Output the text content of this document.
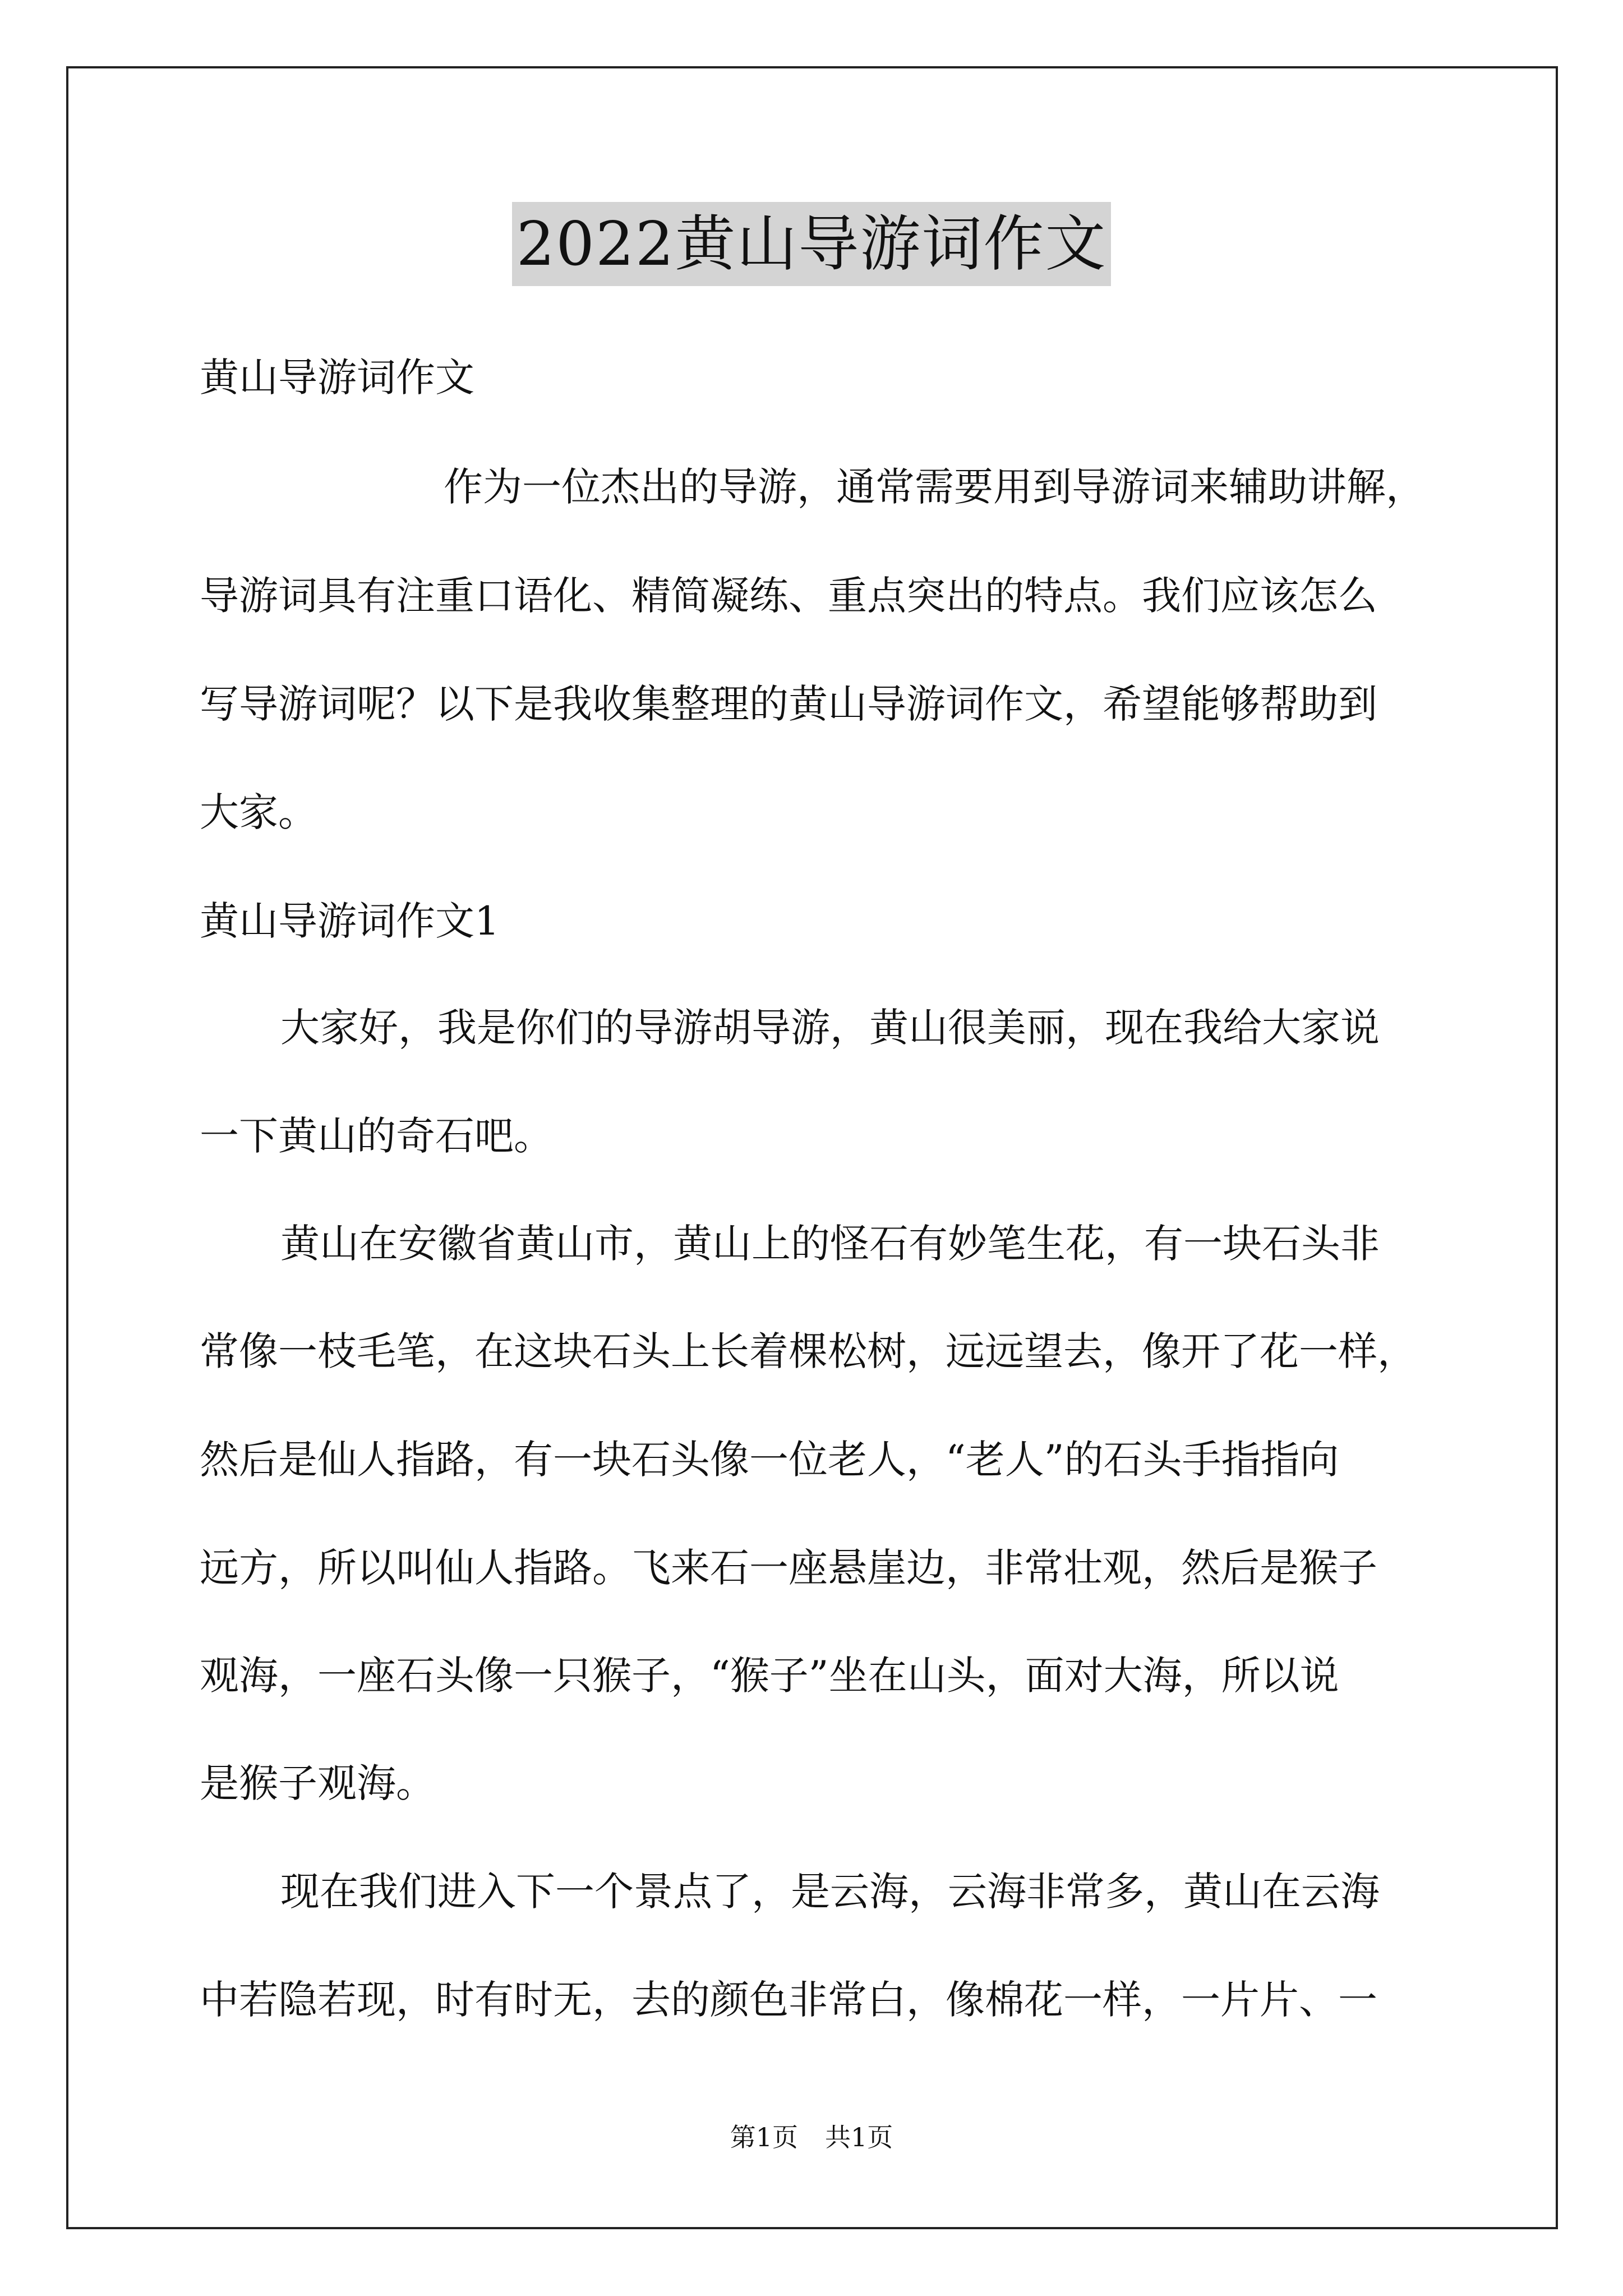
2022黄山导游词作文
黄山导游词作文
作为一位杰出的导游，通常需要用到导游词来辅助讲解，
导游词具有注重口语化、精简凝练、重点突出的特点。我们应该怎么
写导游词呢？以下是我收集整理的黄山导游词作文，希望能够帮助到
大家。
黄山导游词作文1
大家好，我是你们的导游胡导游，黄山很美丽，现在我给大家说
一下黄山的奇石吧。
黄山在安徽省黄山市，黄山上的怪石有妙笔生花，有一块石头非
常像一枝毛笔，在这块石头上长着棵松树，远远望去，像开了花一样，
然后是仙人指路，有一块石头像一位老人，“老人”的石头手指指向
远方，所以叫仙人指路。飞来石一座悬崖边，非常壮观，然后是猴子
观海，一座石头像一只猴子，“猴子”坐在山头，面对大海，所以说
是猴子观海。
现在我们进入下一个景点了，是云海，云海非常多，黄山在云海
中若隐若现，时有时无，去的颜色非常白，像棉花一样，一片片、一
第1页 共1页
